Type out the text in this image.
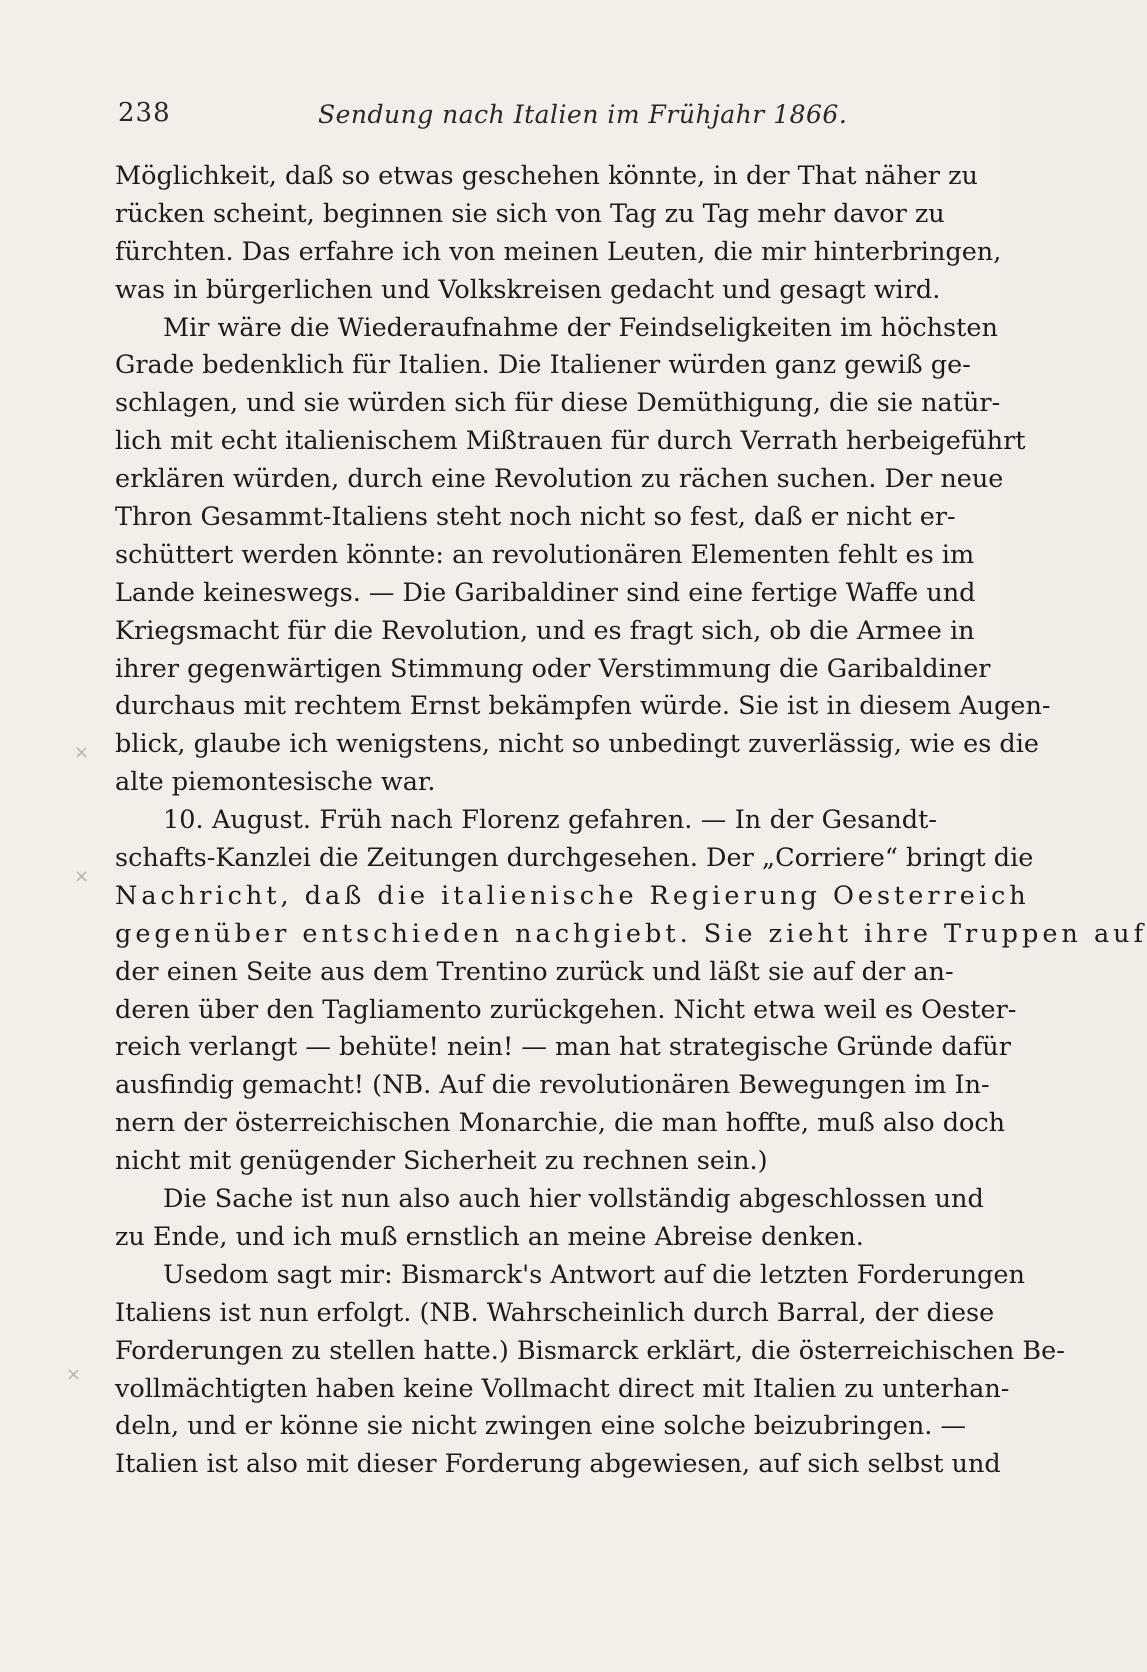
238	Sendung nach Italien im Frühjahr 1866.
Möglichkeit, daß so etwas geschehen könnte, in der That näher zu
rücken scheint, beginnen sie sich von Tag zu Tag mehr davor zu
fürchten. Das erfahre ich von meinen Leuten, die mir hinterbringen,
was in bürgerlichen und Volkskreisen gedacht und gesagt wird.
Mir wäre die Wiederaufnahme der Feindseligkeiten im höchsten
Grade bedenklich für Italien. Die Italiener würden ganz gewiß ge-
schlagen, und sie würden sich für diese Demüthigung, die sie natür-
lich mit echt italienischem Mißtrauen für durch Verrath herbeigeführt
erklären würden, durch eine Revolution zu rächen suchen. Der neue
Thron Gesammt-Italiens steht noch nicht so fest, daß er nicht er-
schüttert werden könnte: an revolutionären Elementen fehlt es im
Lande keineswegs. — Die Garibaldiner sind eine fertige Waffe und
Kriegsmacht für die Revolution, und es fragt sich, ob die Armee in
ihrer gegenwärtigen Stimmung oder Verstimmung die Garibaldiner
durchaus mit rechtem Ernst bekämpfen würde. Sie ist in diesem Augen-
blick, glaube ich wenigstens, nicht so unbedingt zuverlässig, wie es die
alte piemontesische war.
10. August. Früh nach Florenz gefahren. — In der Gesandt-
schafts-Kanzlei die Zeitungen durchgesehen. Der „Corriere“ bringt die
Nachricht, daß die italienische Regierung Oesterreich
gegenüber entschieden nachgiebt. Sie zieht ihre Truppen auf
der einen Seite aus dem Trentino zurück und läßt sie auf der an-
deren über den Tagliamento zurückgehen. Nicht etwa weil es Oester-
reich verlangt — behüte! nein! — man hat strategische Gründe dafür
ausfindig gemacht! (NB. Auf die revolutionären Bewegungen im In-
nern der österreichischen Monarchie, die man hoffte, muß also doch
nicht mit genügender Sicherheit zu rechnen sein.)
Die Sache ist nun also auch hier vollständig abgeschlossen und
zu Ende, und ich muß ernstlich an meine Abreise denken.
Usedom sagt mir: Bismarck's Antwort auf die letzten Forderungen
Italiens ist nun erfolgt. (NB. Wahrscheinlich durch Barral, der diese
Forderungen zu stellen hatte.) Bismarck erklärt, die österreichischen Be-
vollmächtigten haben keine Vollmacht direct mit Italien zu unterhan-
deln, und er könne sie nicht zwingen eine solche beizubringen. —
Italien ist also mit dieser Forderung abgewiesen, auf sich selbst und
×
×
×
